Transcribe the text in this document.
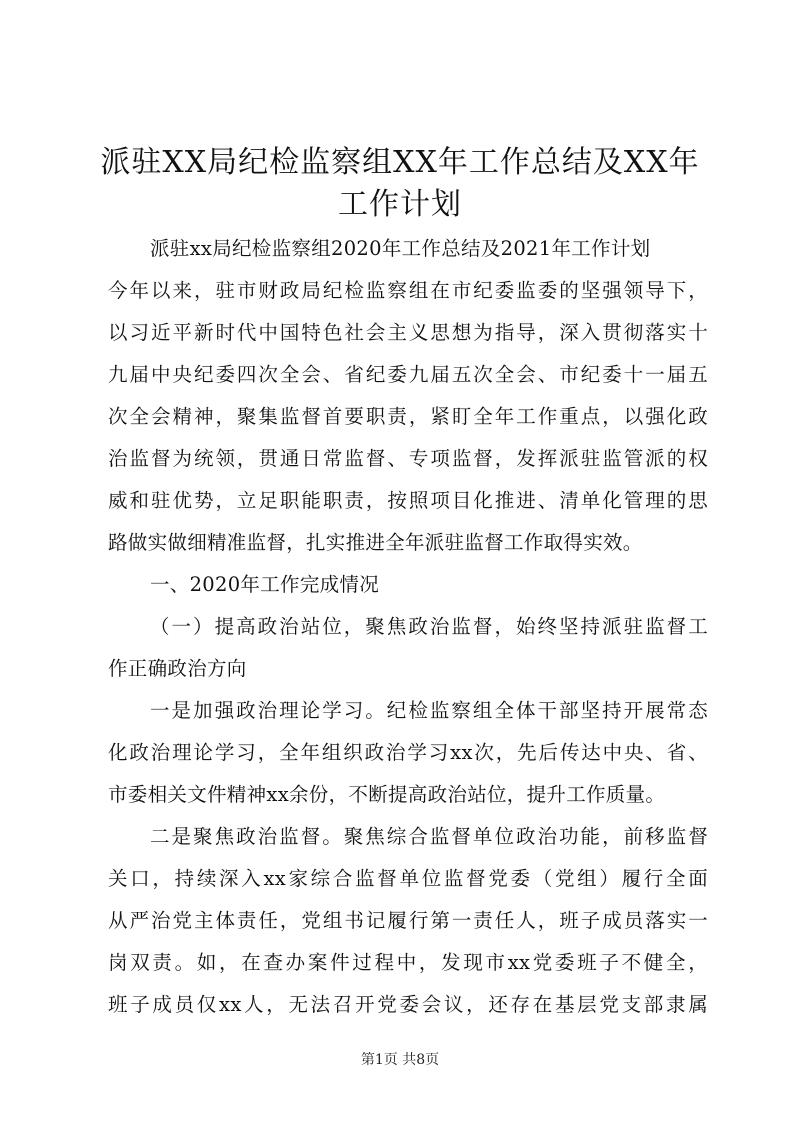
派驻XX局纪检监察组XX年工作总结及XX年
工作计划
派驻xx局纪检监察组2020年工作总结及2021年工作计划
今年以来，驻市财政局纪检监察组在市纪委监委的坚强领导下，
以习近平新时代中国特色社会主义思想为指导，深入贯彻落实十
九届中央纪委四次全会、省纪委九届五次全会、市纪委十一届五
次全会精神，聚集监督首要职责，紧盯全年工作重点，以强化政
治监督为统领，贯通日常监督、专项监督，发挥派驻监管派的权
威和驻优势，立足职能职责，按照项目化推进、清单化管理的思
路做实做细精准监督，扎实推进全年派驻监督工作取得实效。
一、2020年工作完成情况
（一）提高政治站位，聚焦政治监督，始终坚持派驻监督工
作正确政治方向
一是加强政治理论学习。纪检监察组全体干部坚持开展常态
化政治理论学习，全年组织政治学习xx次，先后传达中央、省、
市委相关文件精神xx余份，不断提高政治站位，提升工作质量。
二是聚焦政治监督。聚焦综合监督单位政治功能，前移监督
关口，持续深入xx家综合监督单位监督党委（党组）履行全面
从严治党主体责任，党组书记履行第一责任人，班子成员落实一
岗双责。如，在查办案件过程中，发现市xx党委班子不健全，
班子成员仅xx人，无法召开党委会议，还存在基层党支部隶属
第1页 共8页
